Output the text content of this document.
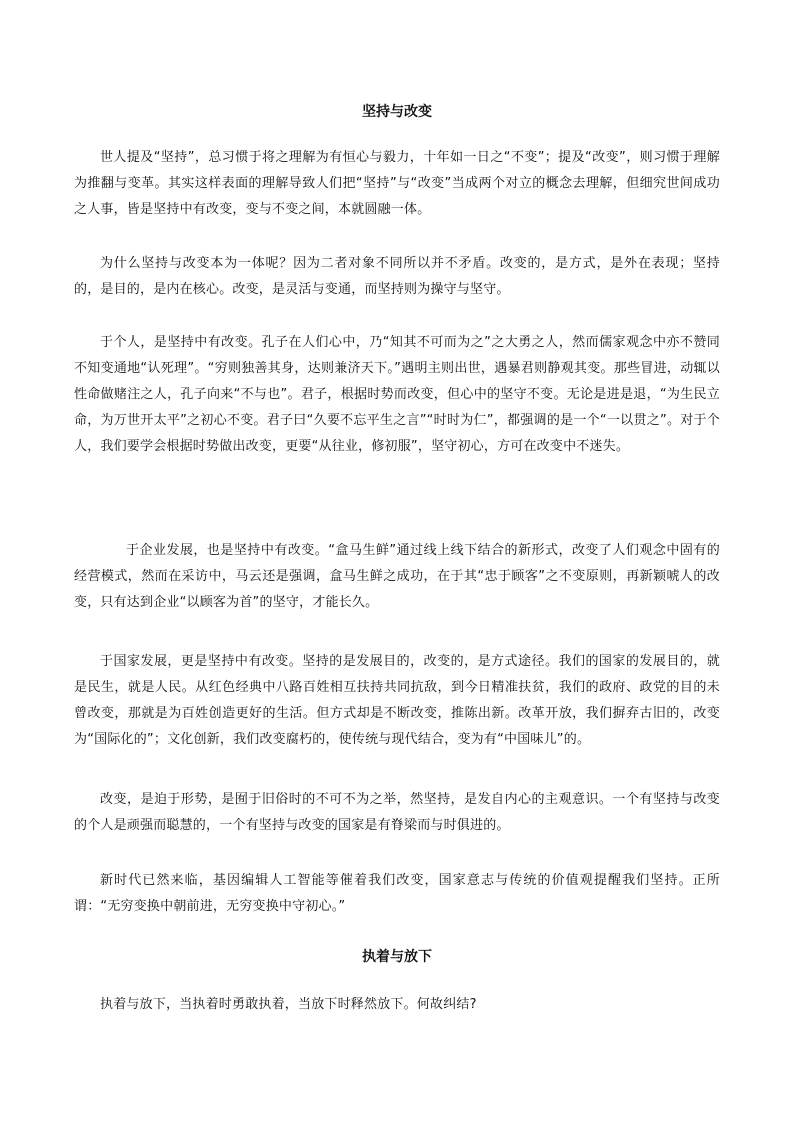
坚持与改变

世人提及“坚持”，总习惯于将之理解为有恒心与毅力，十年如一日之“不变”；提及“改变”，则习惯于理解为推翻与变革。其实这样表面的理解导致人们把“坚持”与“改变”当成两个对立的概念去理解，但细究世间成功之人事，皆是坚持中有改变，变与不变之间，本就圆融一体。

为什么坚持与改变本为一体呢？因为二者对象不同所以并不矛盾。改变的，是方式，是外在表现；坚持的，是目的，是内在核心。改变，是灵活与变通，而坚持则为操守与坚守。

于个人，是坚持中有改变。孔子在人们心中，乃“知其不可而为之”之大勇之人，然而儒家观念中亦不赞同不知变通地“认死理”。“穷则独善其身，达则兼济天下。”遇明主则出世，遇暴君则静观其变。那些冒进，动辄以性命做赌注之人，孔子向来“不与也”。君子，根据时势而改变，但心中的坚守不变。无论是进是退，“为生民立命，为万世开太平”之初心不变。君子曰“久要不忘平生之言”“时时为仁”，都强调的是一个“一以贯之”。对于个人，我们要学会根据时势做出改变，更要“从往业，修初服”，坚守初心，方可在改变中不迷失。

于企业发展，也是坚持中有改变。“盒马生鲜”通过线上线下结合的新形式，改变了人们观念中固有的经营模式，然而在采访中，马云还是强调，盒马生鲜之成功，在于其“忠于顾客”之不变原则，再新颖唬人的改变，只有达到企业“以顾客为首”的坚守，才能长久。

于国家发展，更是坚持中有改变。坚持的是发展目的，改变的，是方式途径。我们的国家的发展目的，就是民生，就是人民。从红色经典中八路百姓相互扶持共同抗敌，到今日精准扶贫，我们的政府、政党的目的未曾改变，那就是为百姓创造更好的生活。但方式却是不断改变，推陈出新。改革开放，我们摒弃古旧的，改变为“国际化的”；文化创新，我们改变腐朽的，使传统与现代结合，变为有“中国味儿”的。

改变，是迫于形势，是囿于旧俗时的不可不为之举，然坚持，是发自内心的主观意识。一个有坚持与改变的个人是顽强而聪慧的，一个有坚持与改变的国家是有脊梁而与时俱进的。

新时代已然来临，基因编辑人工智能等催着我们改变，国家意志与传统的价值观提醒我们坚持。正所谓：“无穷变换中朝前进，无穷变换中守初心。”

执着与放下

执着与放下，当执着时勇敢执着，当放下时释然放下。何故纠结?
